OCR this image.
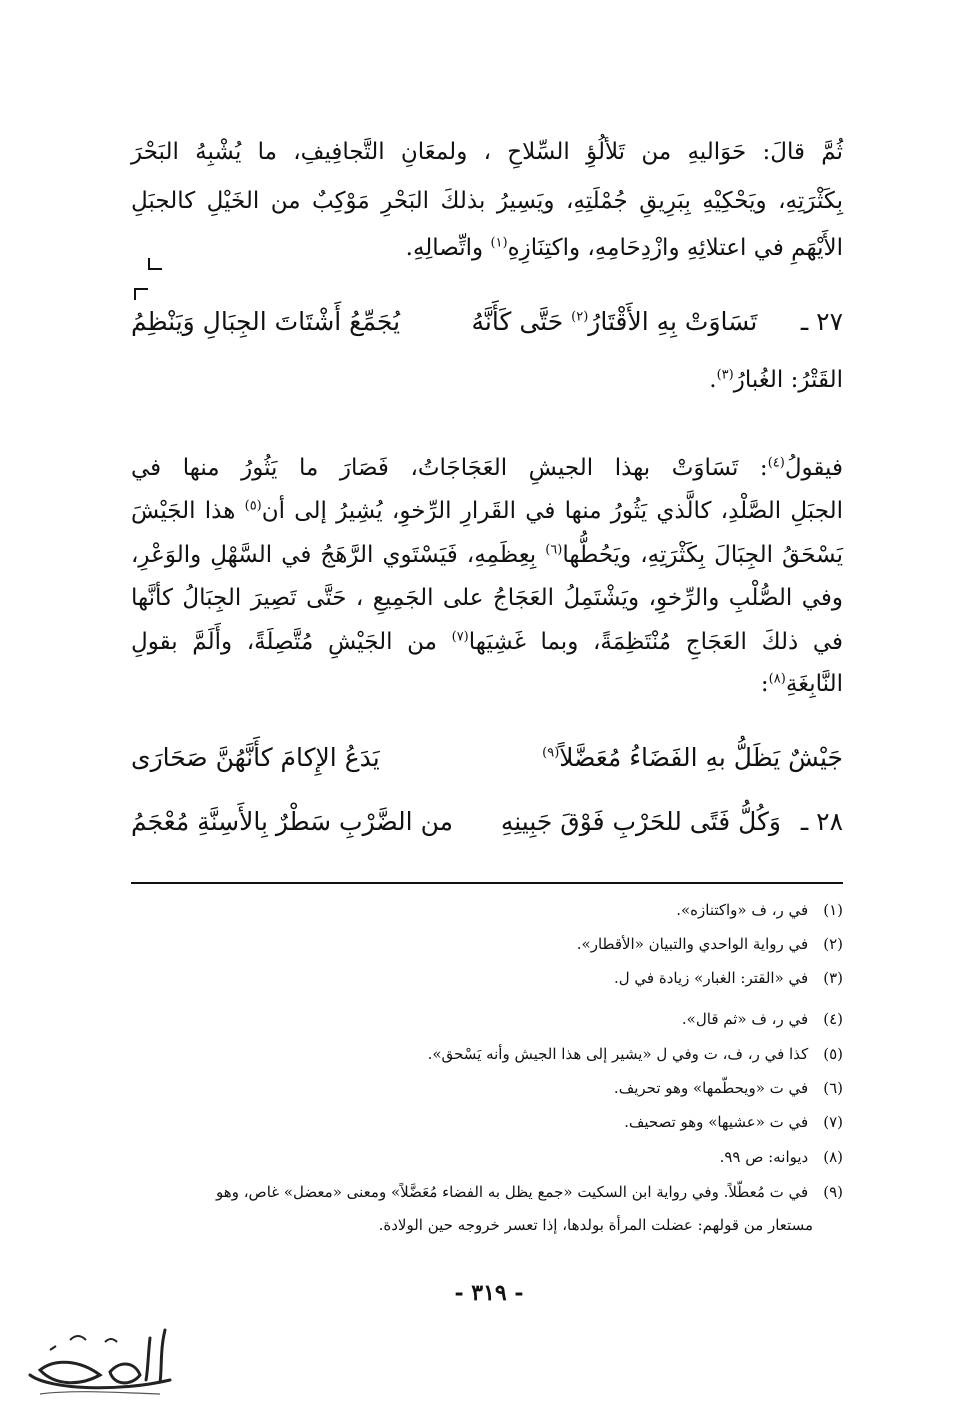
ثُمَّ قالَ: حَوَاليهِ من تَلألُؤِ السِّلاحِ ، ولمعَانِ التَّجافِيفِ، ما يُشْبِهُ البَحْرَ

بِكَثْرَتِهِ، ويَحْكِيْهِ بِبَرِيقِ جُمْلَتِهِ، ويَسِيرُ بذلكَ البَحْرِ مَوْكِبٌ من الخَيْلِ كالجبَلِ

الأَيْهَمِ في اعتلائِهِ وازْدِحَامِهِ، واكتِنَازِهِ$^{(١)}$ واتِّصالِهِ.

٢٧ ـ تَسَاوَتْ بِهِ الأَقْتَارُ$^{(٢)}$ حَتَّى كَأَنَّهُ يُجَمِّعُ أَشْتَاتَ الجِبَالِ وَيَنْظِمُ

القَتْرُ: الغُبارُ$^{(٣)}$.

فيقولُ$^{(٤)}$: تَسَاوَتْ بهذا الجيشِ العَجَاجَاتُ، فَصَارَ ما يَثُورُ منها في

الجبَلِ الصَّلْدِ، كالَّذي يَثُورُ منها في القَرارِ الرِّخوِ، يُشِيرُ إلى أن$^{(٥)}$ هذا الجَيْشَ

يَسْحَقُ الجِبَالَ بِكَثْرَتِهِ، ويَحُطُّها$^{(٦)}$ بِعِظَمِهِ، فَيَسْتَوي الرَّهَجُ في السَّهْلِ والوَعْرِ،

وفي الصُّلْبِ والرِّخوِ، ويَشْتَمِلُ العَجَاجُ على الجَمِيعِ ، حَتَّى تَصِيرَ الجِبَالُ كأنَّها

في ذلكَ العَجَاجِ مُنْتَظِمَةً، وبما غَشِيَها$^{(٧)}$ من الجَيْشِ مُتَّصِلَةً، وأَلَمَّ بقولِ

النَّابِغَةِ$^{(٨)}$:

جَيْشٌ يَظَلُّ بهِ الفَضَاءُ مُعَضَّلاً$^{(٩)}$ يَدَعُ الإِكامَ كأَنَّهُنَّ صَحَارَى

٢٨ ـ وَكُلُّ فَتًى للحَرْبِ فَوْقَ جَبِينِهِ من الضَّرْبِ سَطْرٌ بِالأَسِنَّةِ مُعْجَمُ

(١) في ر، ف «واكتنازه».

(٢) في رواية الواحدي والتبيان «الأقطار».

(٣) في «القتر: الغبار» زيادة في ل.

(٤) في ر، ف «ثم قال».

(٥) كذا في ر، ف، ت وفي ل «يشير إلى هذا الجيش وأنه يَسْحق».

(٦) في ت «ويحطّمها» وهو تحريف.

(٧) في ت «عشيها» وهو تصحيف.

(٨) ديوانه: ص ٩٩.

(٩) في ت مُعطّلاً. وفي رواية ابن السكيت «جمع يظل به الفضاء مُعَضَّلاً» ومعنى «معضل» غاص، وهو

مستعار من قولهم: عضلت المرأة بولدها، إذا تعسر خروجه حين الولادة.

- ٣١٩ -
